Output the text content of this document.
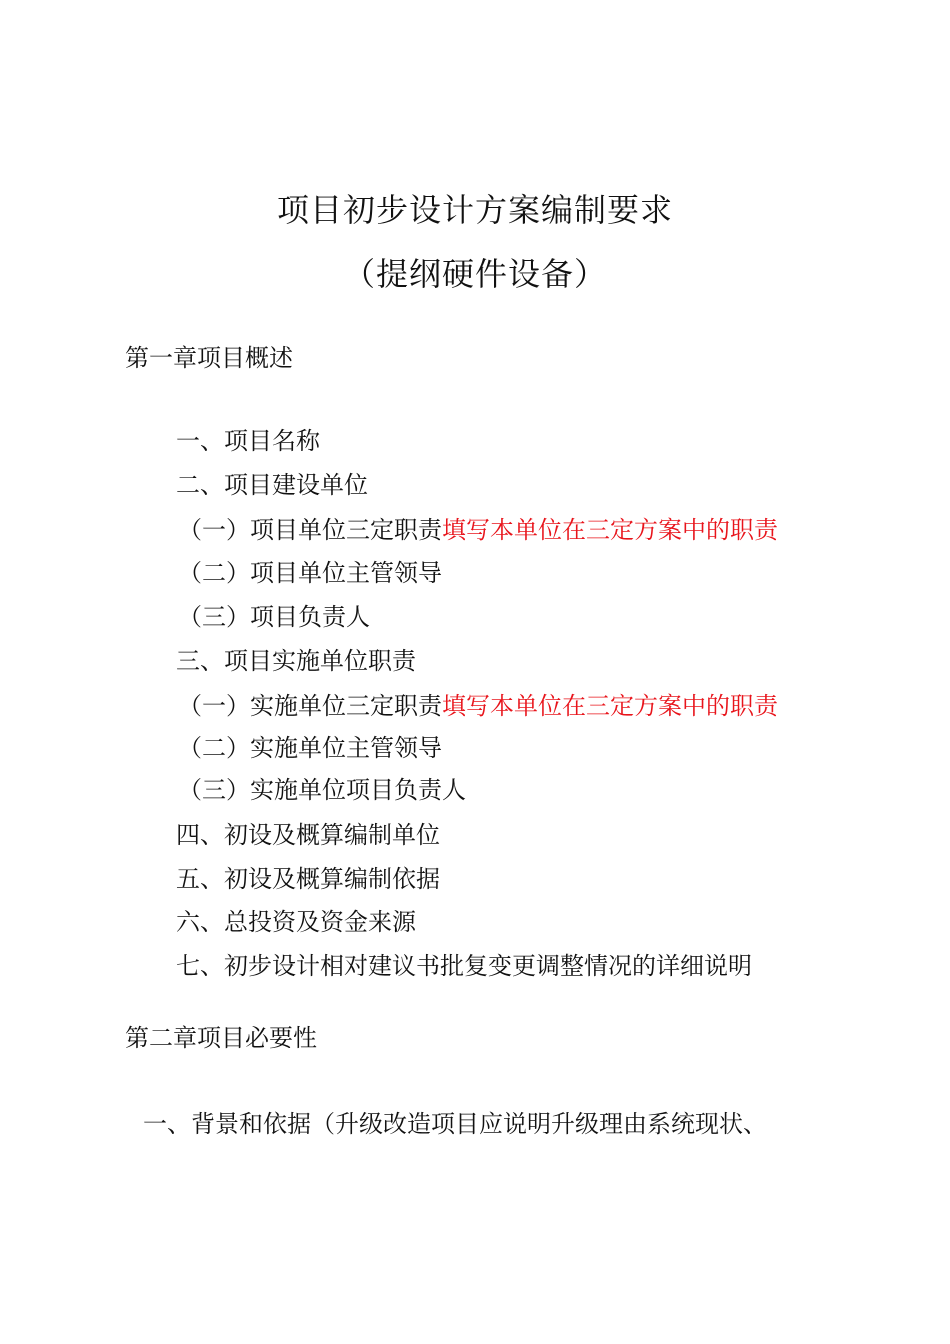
项目初步设计方案编制要求
（提纲硬件设备）
第一章项目概述
一、项目名称
二、项目建设单位
（一）项目单位三定职责填写本单位在三定方案中的职责
（二）项目单位主管领导
（三）项目负责人
三、项目实施单位职责
（一）实施单位三定职责填写本单位在三定方案中的职责
（二）实施单位主管领导
（三）实施单位项目负责人
四、初设及概算编制单位
五、初设及概算编制依据
六、总投资及资金来源
七、初步设计相对建议书批复变更调整情况的详细说明
第二章项目必要性
一、背景和依据（升级改造项目应说明升级理由系统现状、
